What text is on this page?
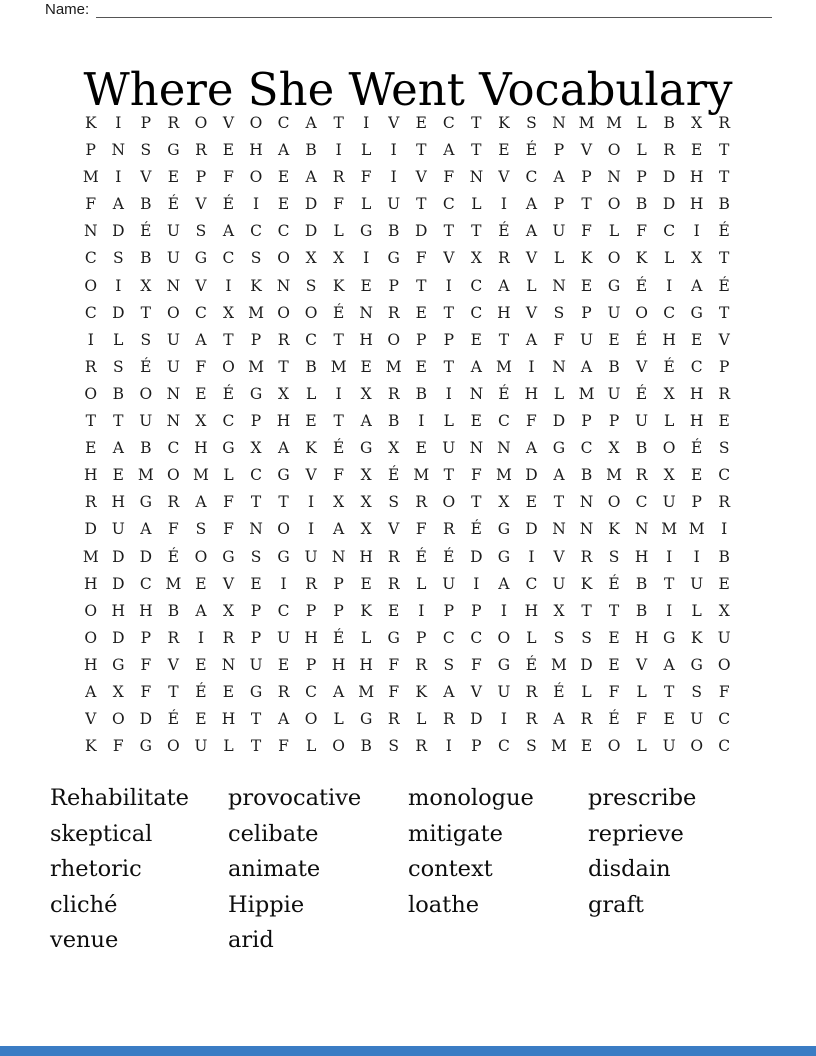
Name:
Where She Went Vocabulary
K	I	P	R O	V	O C	A	T	I	V	E	C	T	K	S N M M L	B	X	R
P	N S	G	R	E H A	B	I	L	I	T	A	T	E	É	P	V	O	L	R	E	T
M	I	V	E	P	F	O	E	A	R	F	I	V	F N V	C	A	P	N	P	D H	T
F	A	B	É	V	É	I	E	D	F	L	U	T	C	L	I	A	P	T	O B	D H B
N D	É U	S	A	C	C D	L	G	B	D	T	T	É	A U	F	L	F	C	I	É
C	S	B U G C	S	O	X	X	I	G	F	V	X	R	V	L	K O K	L	X	T
O	I	X N V	I	K N S	K	E	P	T	I	C	A	L	N E	G	É	I	A	É
C D	T	O C	X M O O	É N R	E	T	C H V	S	P	U O C G	T
I	L	S	U A	T	P	R	C	T	H O	P	P	E	T	A	F	U E	É H E	V
R	S	É U	F	O M T	B M E M E	T	A M	I	N A	B	V	É	C	P
O B O N E	É	G	X	L	I	X	R	B	I	N É H	L M U É	X H R
T	T	U N X	C	P	H E	T	A	B	I	L	E	C	F	D	P	P	U	L	H E
E	A	B	C H G	X	A	K	É	G	X	E U N N A	G C	X	B O	É	S
H E M O M L	C G	V	F	X	É M T	F M D	A	B M R	X	E	C
R H G	R	A	F	T	T	I	X	X	S	R O	T	X	E	T	N O C U	P	R
D U A	F	S	F N O	I	A	X	V	F	R	É	G D N N K N M M	I
M D D	É	O G	S	G U N H R	É	É	D G	I	V	R	S H	I	I	B
H D C M E	V	E	I	R	P	E	R	L	U	I	A	C U K	É	B	T	U E
O H H B	A	X	P	C	P	P	K	E	I	P	P	I	H X	T	T	B	I	L	X
O D	P	R	I	R	P	U H É	L	G	P	C	C O	L	S	S	E H G	K U
H G	F	V	E N U E	P	H H F	R	S	F	G	É M D	E	V	A	G O
A	X	F	T	É	E	G	R	C	A M F	K	A	V U R	É	L	F	L	T	S	F
V	O D	É	E H	T	A	O	L	G	R	L	R D	I	R	A	R	É	F	E U C
K	F	G O U	L	T	F	L	O	B	S	R	I	P	C	S M E	O	L	U O C
Rehabilitate
skeptical
rhetoric
cliché
venue
provocative
celibate
animate
Hippie
arid
monologue
mitigate
context
loathe
prescribe
reprieve
disdain
graft
